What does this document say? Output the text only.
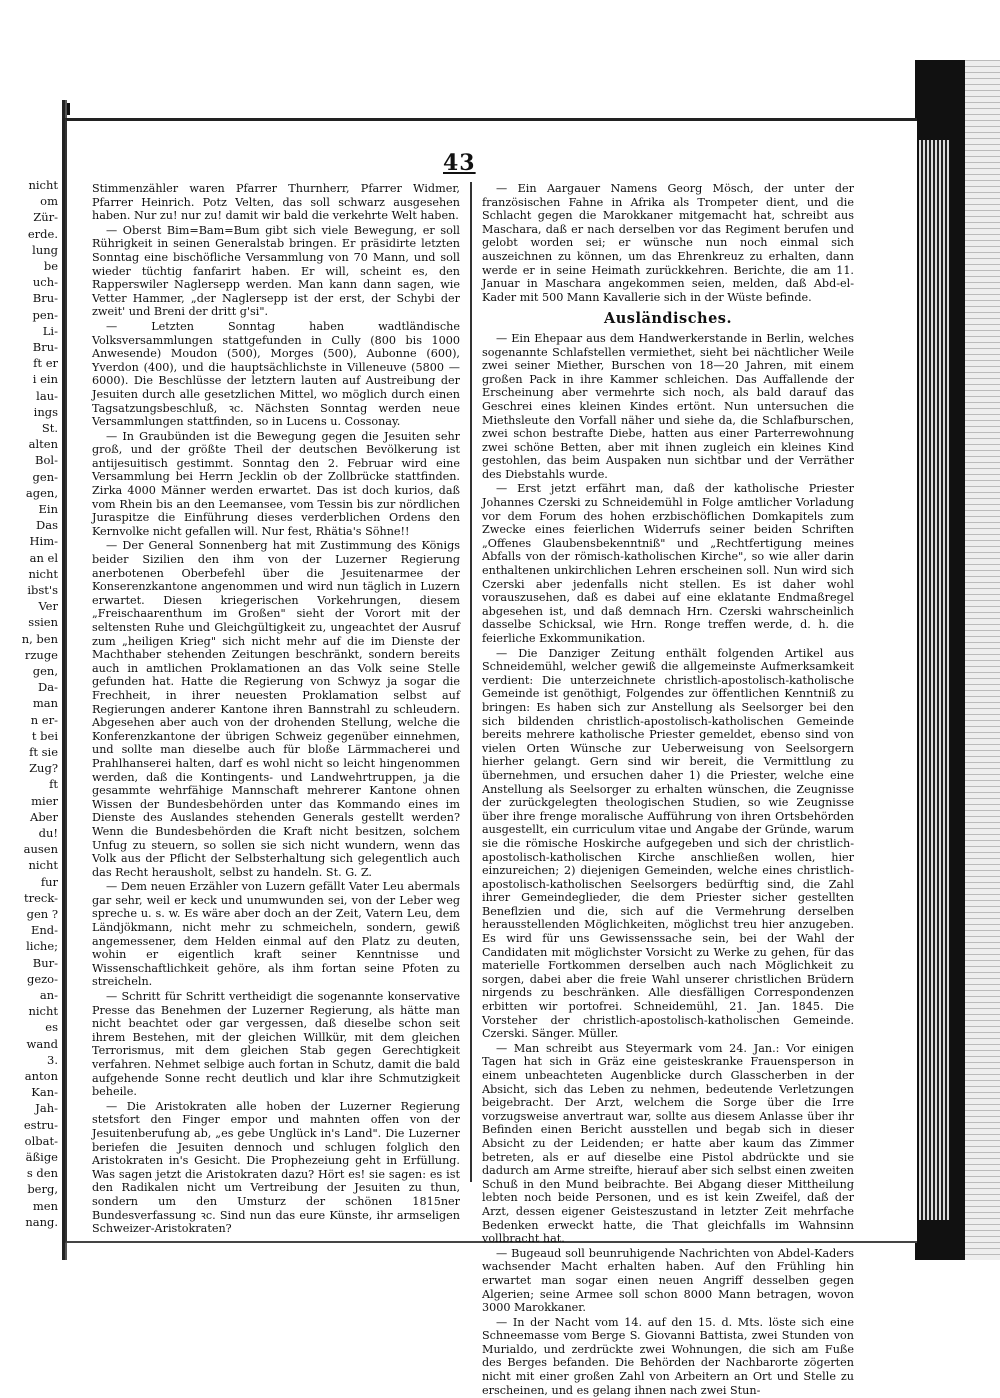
nicht
om
Zür-
erde.
lung
be
uch-
Bru-
pen-
Li-
Bru-
ft er
i ein
lau-
ings
St.
alten
Bol-
gen-
agen,
Ein
Das
Him-
an el
nicht
ibst's
Ver
ssien
n, ben
rzuge
gen,
Da-
man
n er-
t bei
ft sie
Zug?
ft
mier
Aber
du!
ausen
nicht
fur
treck-
gen ?
End-
liche;
Bur-
gezo-
an-
nicht
es
wand
3.
anton
Kan-
Jah-
estru-
olbat-
äßige
s den
berg,
men
nang.
43

Stimmenzähler waren Pfarrer Thurnherr, Pfarrer Widmer, Pfarrer Heinrich. Potz Velten, das soll schwarz ausgesehen haben. Nur zu! nur zu! damit wir bald die verkehrte Welt haben.

— Oberst Bim=Bam=Bum gibt sich viele Bewegung, er soll Rührigkeit in seinen Generalstab bringen. Er präsidirte letzten Sonntag eine bischöfliche Versammlung von 70 Mann, und soll wieder tüchtig fanfarirt haben. Er will, scheint es, den Rapperswiler Naglersepp werden. Man kann dann sagen, wie Vetter Hammer, „der Naglersepp ist der erst, der Schybi der zweit' und Breni der dritt g'si".

— Letzten Sonntag haben wadtländische Volksversammlungen stattgefunden in Cully (800 bis 1000 Anwesende) Moudon (500), Morges (500), Aubonne (600), Yverdon (400), und die hauptsächlichste in Villeneuve (5800 — 6000). Die Beschlüsse der letztern lauten auf Austreibung der Jesuiten durch alle gesetzlichen Mittel, wo möglich durch einen Tagsatzungsbeschluß, ꝛc. Nächsten Sonntag werden neue Versammlungen stattfinden, so in Lucens u. Cossonay.

— In Graubünden ist die Bewegung gegen die Jesuiten sehr groß, und der größte Theil der deutschen Bevölkerung ist antijesuitisch gestimmt. Sonntag den 2. Februar wird eine Versammlung bei Herrn Jecklin ob der Zollbrücke stattfinden. Zirka 4000 Männer werden erwartet. Das ist doch kurios, daß vom Rhein bis an den Leemansee, vom Tessin bis zur nördlichen Juraspitze die Einführung dieses verderblichen Ordens den Kernvolke nicht gefallen will. Nur fest, Rhätia's Söhne!!

— Der General Sonnenberg hat mit Zustimmung des Königs beider Sizilien den ihm von der Luzerner Regierung anerbotenen Oberbefehl über die Jesuitenarmee der Konserenzkantone angenommen und wird nun täglich in Luzern erwartet. Diesen kriegerischen Vorkehrungen, diesem „Freischaarenthum im Großen" sieht der Vorort mit der seltensten Ruhe und Gleichgültigkeit zu, ungeachtet der Ausruf zum „heiligen Krieg" sich nicht mehr auf die im Dienste der Machthaber stehenden Zeitungen beschränkt, sondern bereits auch in amtlichen Proklamationen an das Volk seine Stelle gefunden hat. Hatte die Regierung von Schwyz ja sogar die Frechheit, in ihrer neuesten Proklamation selbst auf Regierungen anderer Kantone ihren Bannstrahl zu schleudern. Abgesehen aber auch von der drohenden Stellung, welche die Konferenzkantone der übrigen Schweiz gegenüber einnehmen, und sollte man dieselbe auch für bloße Lärmmacherei und Prahlhanserei halten, darf es wohl nicht so leicht hingenommen werden, daß die Kontingents- und Landwehrtruppen, ja die gesammte wehrfähige Mannschaft mehrerer Kantone ohnen Wissen der Bundesbehörden unter das Kommando eines im Dienste des Auslandes stehenden Generals gestellt werden? Wenn die Bundesbehörden die Kraft nicht besitzen, solchem Unfug zu steuern, so sollen sie sich nicht wundern, wenn das Volk aus der Pflicht der Selbsterhaltung sich gelegentlich auch das Recht herausholt, selbst zu handeln. St. G. Z.

— Dem neuen Erzähler von Luzern gefällt Vater Leu abermals gar sehr, weil er keck und unumwunden sei, von der Leber weg spreche u. s. w. Es wäre aber doch an der Zeit, Vatern Leu, dem Ländjökmann, nicht mehr zu schmeicheln, sondern, gewiß angemessener, dem Helden einmal auf den Platz zu deuten, wohin er eigentlich kraft seiner Kenntnisse und Wissenschaftlichkeit gehöre, als ihm fortan seine Pfoten zu streicheln.

— Schritt für Schritt vertheidigt die sogenannte konservative Presse das Benehmen der Luzerner Regierung, als hätte man nicht beachtet oder gar vergessen, daß dieselbe schon seit ihrem Bestehen, mit der gleichen Willkür, mit dem gleichen Terrorismus, mit dem gleichen Stab gegen Gerechtigkeit verfahren. Nehmet selbige auch fortan in Schutz, damit die bald aufgehende Sonne recht deutlich und klar ihre Schmutzigkeit beheile.

— Die Aristokraten alle hoben der Luzerner Regierung stetsfort den Finger empor und mahnten offen von der Jesuitenberufung ab, „es gebe Unglück in's Land". Die Luzerner beriefen die Jesuiten dennoch und schlugen folglich den Aristokraten in's Gesicht. Die Prophezeiung geht in Erfüllung. Was sagen jetzt die Aristokraten dazu? Hört es! sie sagen: es ist den Radikalen nicht um Vertreibung der Jesuiten zu thun, sondern um den Umsturz der schönen 1815ner Bundesverfassung ꝛc. Sind nun das eure Künste, ihr armseligen Schweizer-Aristokraten?

— Ein Aargauer Namens Georg Mösch, der unter der französischen Fahne in Afrika als Trompeter dient, und die Schlacht gegen die Marokkaner mitgemacht hat, schreibt aus Maschara, daß er nach derselben vor das Regiment berufen und gelobt worden sei; er wünsche nun noch einmal sich auszeichnen zu können, um das Ehrenkreuz zu erhalten, dann werde er in seine Heimath zurückkehren. Berichte, die am 11. Januar in Maschara angekommen seien, melden, daß Abd-el-Kader mit 500 Mann Kavallerie sich in der Wüste befinde.

Ausländisches.

— Ein Ehepaar aus dem Handwerkerstande in Berlin, welches sogenannte Schlafstellen vermiethet, sieht bei nächtlicher Weile zwei seiner Miether, Burschen von 18—20 Jahren, mit einem großen Pack in ihre Kammer schleichen. Das Auffallende der Erscheinung aber vermehrte sich noch, als bald darauf das Geschrei eines kleinen Kindes ertönt. Nun untersuchen die Miethsleute den Vorfall näher und siehe da, die Schlafburschen, zwei schon bestrafte Diebe, hatten aus einer Parterrewohnung zwei schöne Betten, aber mit ihnen zugleich ein kleines Kind gestohlen, das beim Auspaken nun sichtbar und der Verräther des Diebstahls wurde.

— Erst jetzt erfährt man, daß der katholische Priester Johannes Czerski zu Schneidemühl in Folge amtlicher Vorladung vor dem Forum des hohen erzbischöflichen Domkapitels zum Zwecke eines feierlichen Widerrufs seiner beiden Schriften „Offenes Glaubensbekenntniß" und „Rechtfertigung meines Abfalls von der römisch-katholischen Kirche", so wie aller darin enthaltenen unkirchlichen Lehren erscheinen soll. Nun wird sich Czerski aber jedenfalls nicht stellen. Es ist daher wohl vorauszusehen, daß es dabei auf eine eklatante Endmaßregel abgesehen ist, und daß demnach Hrn. Czerski wahrscheinlich dasselbe Schicksal, wie Hrn. Ronge treffen werde, d. h. die feierliche Exkommunikation.

— Die Danziger Zeitung enthält folgenden Artikel aus Schneidemühl, welcher gewiß die allgemeinste Aufmerksamkeit verdient: Die unterzeichnete christlich-apostolisch-katholische Gemeinde ist genöthigt, Folgendes zur öffentlichen Kenntniß zu bringen: Es haben sich zur Anstellung als Seelsorger bei den sich bildenden christlich-apostolisch-katholischen Gemeinde bereits mehrere katholische Priester gemeldet, ebenso sind von vielen Orten Wünsche zur Ueberweisung von Seelsorgern hierher gelangt. Gern sind wir bereit, die Vermittlung zu übernehmen, und ersuchen daher 1) die Priester, welche eine Anstellung als Seelsorger zu erhalten wünschen, die Zeugnisse der zurückgelegten theologischen Studien, so wie Zeugnisse über ihre frenge moralische Aufführung von ihren Ortsbehörden ausgestellt, ein curriculum vitae und Angabe der Gründe, warum sie die römische Hoskirche aufgegeben und sich der christlich-apostolisch-katholischen Kirche anschließen wollen, hier einzureichen; 2) diejenigen Gemeinden, welche eines christlich-apostolisch-katholischen Seelsorgers bedürftig sind, die Zahl ihrer Gemeindeglieder, die dem Priester sicher gestellten Beneflzien und die, sich auf die Vermehrung derselben herausstellenden Möglichkeiten, möglichst treu hier anzugeben. Es wird für uns Gewissenssache sein, bei der Wahl der Candidaten mit möglichster Vorsicht zu Werke zu gehen, für das materielle Fortkommen derselben auch nach Möglichkeit zu sorgen, dabei aber die freie Wahl unserer christlichen Brüdern nirgends zu beschränken. Alle diesfälligen Correspondenzen erbitten wir portofrei. Schneidemühl, 21. Jan. 1845. Die Vorsteher der christlich-apostolisch-katholischen Gemeinde. Czerski. Sänger. Müller.

— Man schreibt aus Steyermark vom 24. Jan.: Vor einigen Tagen hat sich in Gräz eine geisteskranke Frauensperson in einem unbeachteten Augenblicke durch Glasscherben in der Absicht, sich das Leben zu nehmen, bedeutende Verletzungen beigebracht. Der Arzt, welchem die Sorge über die Irre vorzugsweise anvertraut war, sollte aus diesem Anlasse über ihr Befinden einen Bericht ausstellen und begab sich in dieser Absicht zu der Leidenden; er hatte aber kaum das Zimmer betreten, als er auf dieselbe eine Pistol abdrückte und sie dadurch am Arme streifte, hierauf aber sich selbst einen zweiten Schuß in den Mund beibrachte. Bei Abgang dieser Mittheilung lebten noch beide Personen, und es ist kein Zweifel, daß der Arzt, dessen eigener Geisteszustand in letzter Zeit mehrfache Bedenken erweckt hatte, die That gleichfalls im Wahnsinn vollbracht hat.

— Bugeaud soll beunruhigende Nachrichten von Abdel-Kaders wachsender Macht erhalten haben. Auf den Frühling hin erwartet man sogar einen neuen Angriff desselben gegen Algerien; seine Armee soll schon 8000 Mann betragen, wovon 3000 Marokkaner.

— In der Nacht vom 14. auf den 15. d. Mts. löste sich eine Schneemasse vom Berge S. Giovanni Battista, zwei Stunden von Murialdo, und zerdrückte zwei Wohnungen, die sich am Fuße des Berges befanden. Die Behörden der Nachbarorte zögerten nicht mit einer großen Zahl von Arbeitern an Ort und Stelle zu erscheinen, und es gelang ihnen nach zwei Stun-
